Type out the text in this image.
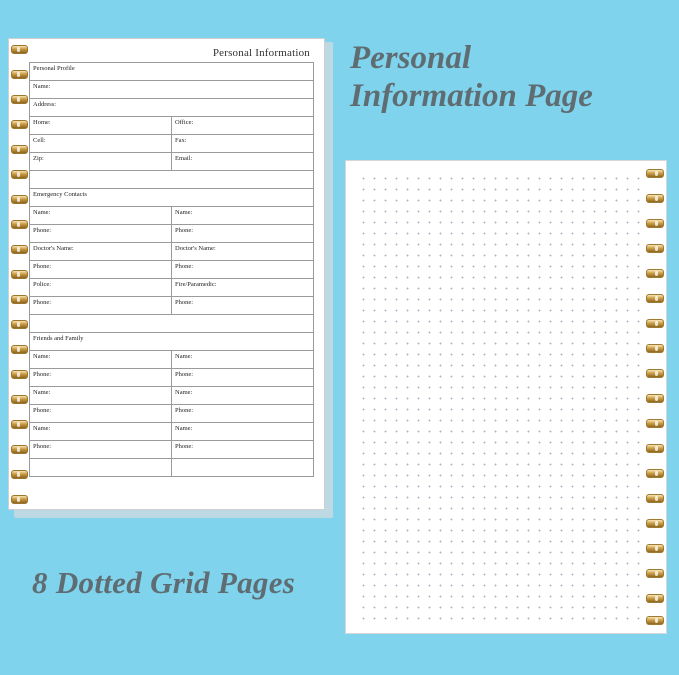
Personal Information
Personal Profile	
Name:	
Address:	
Home:	Office:
Cell:	Fax:
Zip:	Email:

Emergency Contacts	
Name:	Name:
Phone:	Phone:
Doctor's Name:	Doctor's Name:
Phone:	Phone:
Police:	Fire/Paramedic:
Phone:	Phone:

Friends and Family	
Name:	Name:
Phone:	Phone:
Name:	Name:
Phone:	Phone:
Name:	Name:
Phone:	Phone:

Personal
Information Page
8 Dotted Grid Pages
